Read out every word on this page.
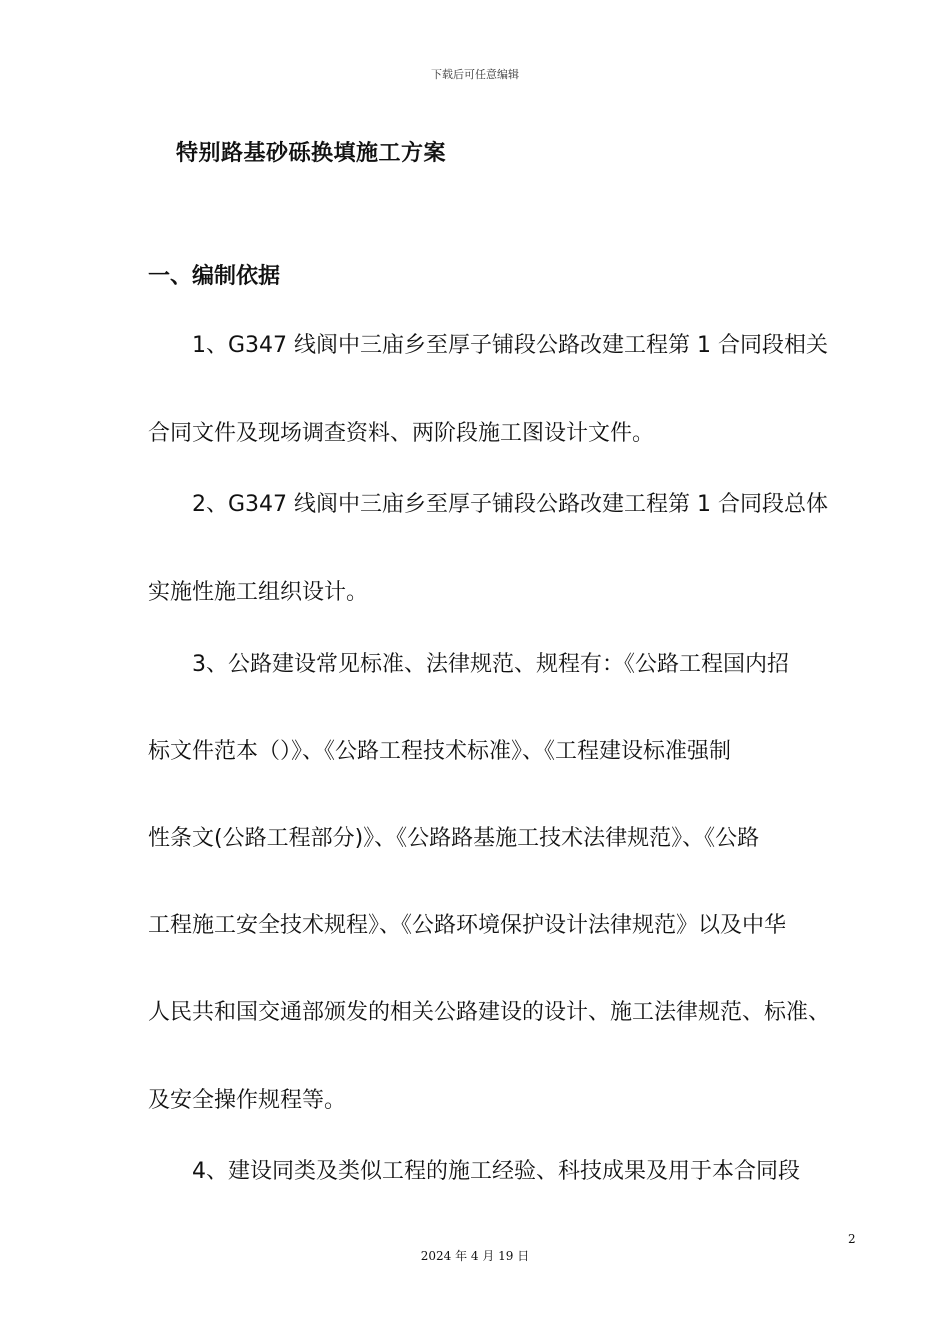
下载后可任意编辑
特别路基砂砾换填施工方案
一、编制依据

1、G347 线阆中三庙乡至厚子铺段公路改建工程第 1 合同段相关

合同文件及现场调查资料、两阶段施工图设计文件。

2、G347 线阆中三庙乡至厚子铺段公路改建工程第 1 合同段总体

实施性施工组织设计。

3、公路建设常见标准、法律规范、规程有：《公路工程国内招

标文件范本（）》、《公路工程技术标准》、《工程建设标准强制

性条文(公路工程部分)》、《公路路基施工技术法律规范》、《公路

工程施工安全技术规程》、《公路环境保护设计法律规范》以及中华

人民共和国交通部颁发的相关公路建设的设计、施工法律规范、标准、

及安全操作规程等。

4、建设同类及类似工程的施工经验、科技成果及用于本合同段

2
2024 年 4 月 19 日
